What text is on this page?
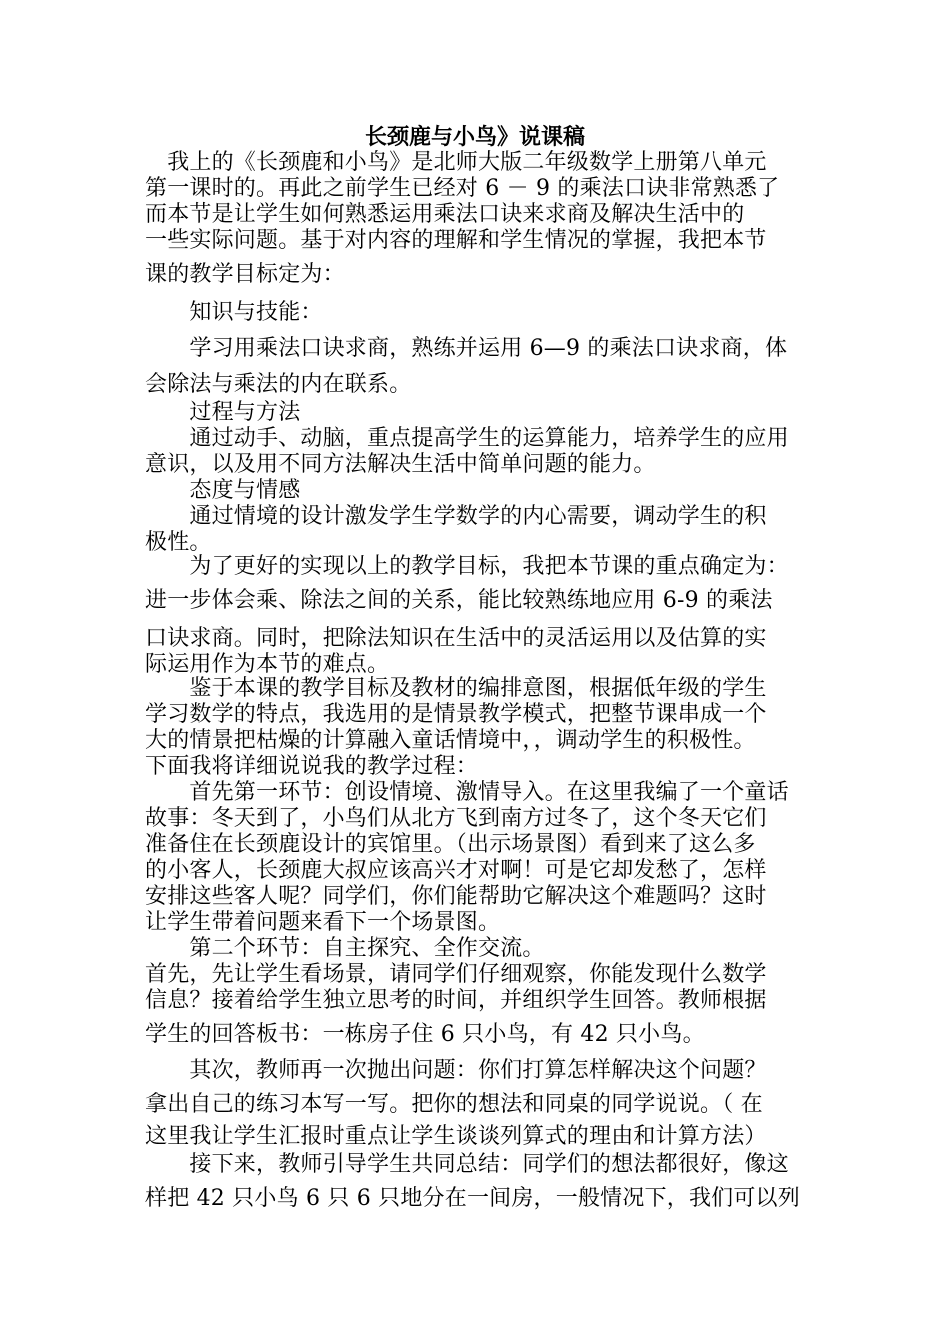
长颈鹿与小鸟》说课稿
　我上的《长颈鹿和小鸟》是北师大版二年级数学上册第八单元
第一课时的。再此之前学生已经对 6 － 9 的乘法口诀非常熟悉了
而本节是让学生如何熟悉运用乘法口诀来求商及解决生活中的
一些实际问题。基于对内容的理解和学生情况的掌握，我把本节
课的教学目标定为：
　　知识与技能：
　　学习用乘法口诀求商，熟练并运用 6—9 的乘法口诀求商，体
会除法与乘法的内在联系。
　　过程与方法
　　通过动手、动脑，重点提高学生的运算能力，培养学生的应用
意识，以及用不同方法解决生活中简单问题的能力。
　　态度与情感
　　通过情境的设计激发学生学数学的内心需要，调动学生的积
极性。
　　为了更好的实现以上的教学目标，我把本节课的重点确定为：
进一步体会乘、除法之间的关系，能比较熟练地应用 6-9 的乘法
口诀求商。同时，把除法知识在生活中的灵活运用以及估算的实
际运用作为本节的难点。
　　鉴于本课的教学目标及教材的编排意图，根据低年级的学生
学习数学的特点，我选用的是情景教学模式，把整节课串成一个
大的情景把枯燥的计算融入童话情境中，，调动学生的积极性。
下面我将详细说说我的教学过程：
　　首先第一环节：创设情境、激情导入。在这里我编了一个童话
故事：冬天到了，小鸟们从北方飞到南方过冬了，这个冬天它们
准备住在长颈鹿设计的宾馆里。（出示场景图）看到来了这么多
的小客人，长颈鹿大叔应该高兴才对啊！可是它却发愁了，怎样
安排这些客人呢？同学们，你们能帮助它解决这个难题吗？这时
让学生带着问题来看下一个场景图。
　　第二个环节：自主探究、全作交流。
首先，先让学生看场景，请同学们仔细观察，你能发现什么数学
信息？接着给学生独立思考的时间，并组织学生回答。教师根据
学生的回答板书：一栋房子住 6 只小鸟，有 42 只小鸟。
　　其次，教师再一次抛出问题：你们打算怎样解决这个问题？
拿出自己的练习本写一写。把你的想法和同桌的同学说说。（ 在
这里我让学生汇报时重点让学生谈谈列算式的理由和计算方法）
　　接下来，教师引导学生共同总结：同学们的想法都很好，像这
样把 42 只小鸟 6 只 6 只地分在一间房，一般情况下，我们可以列
